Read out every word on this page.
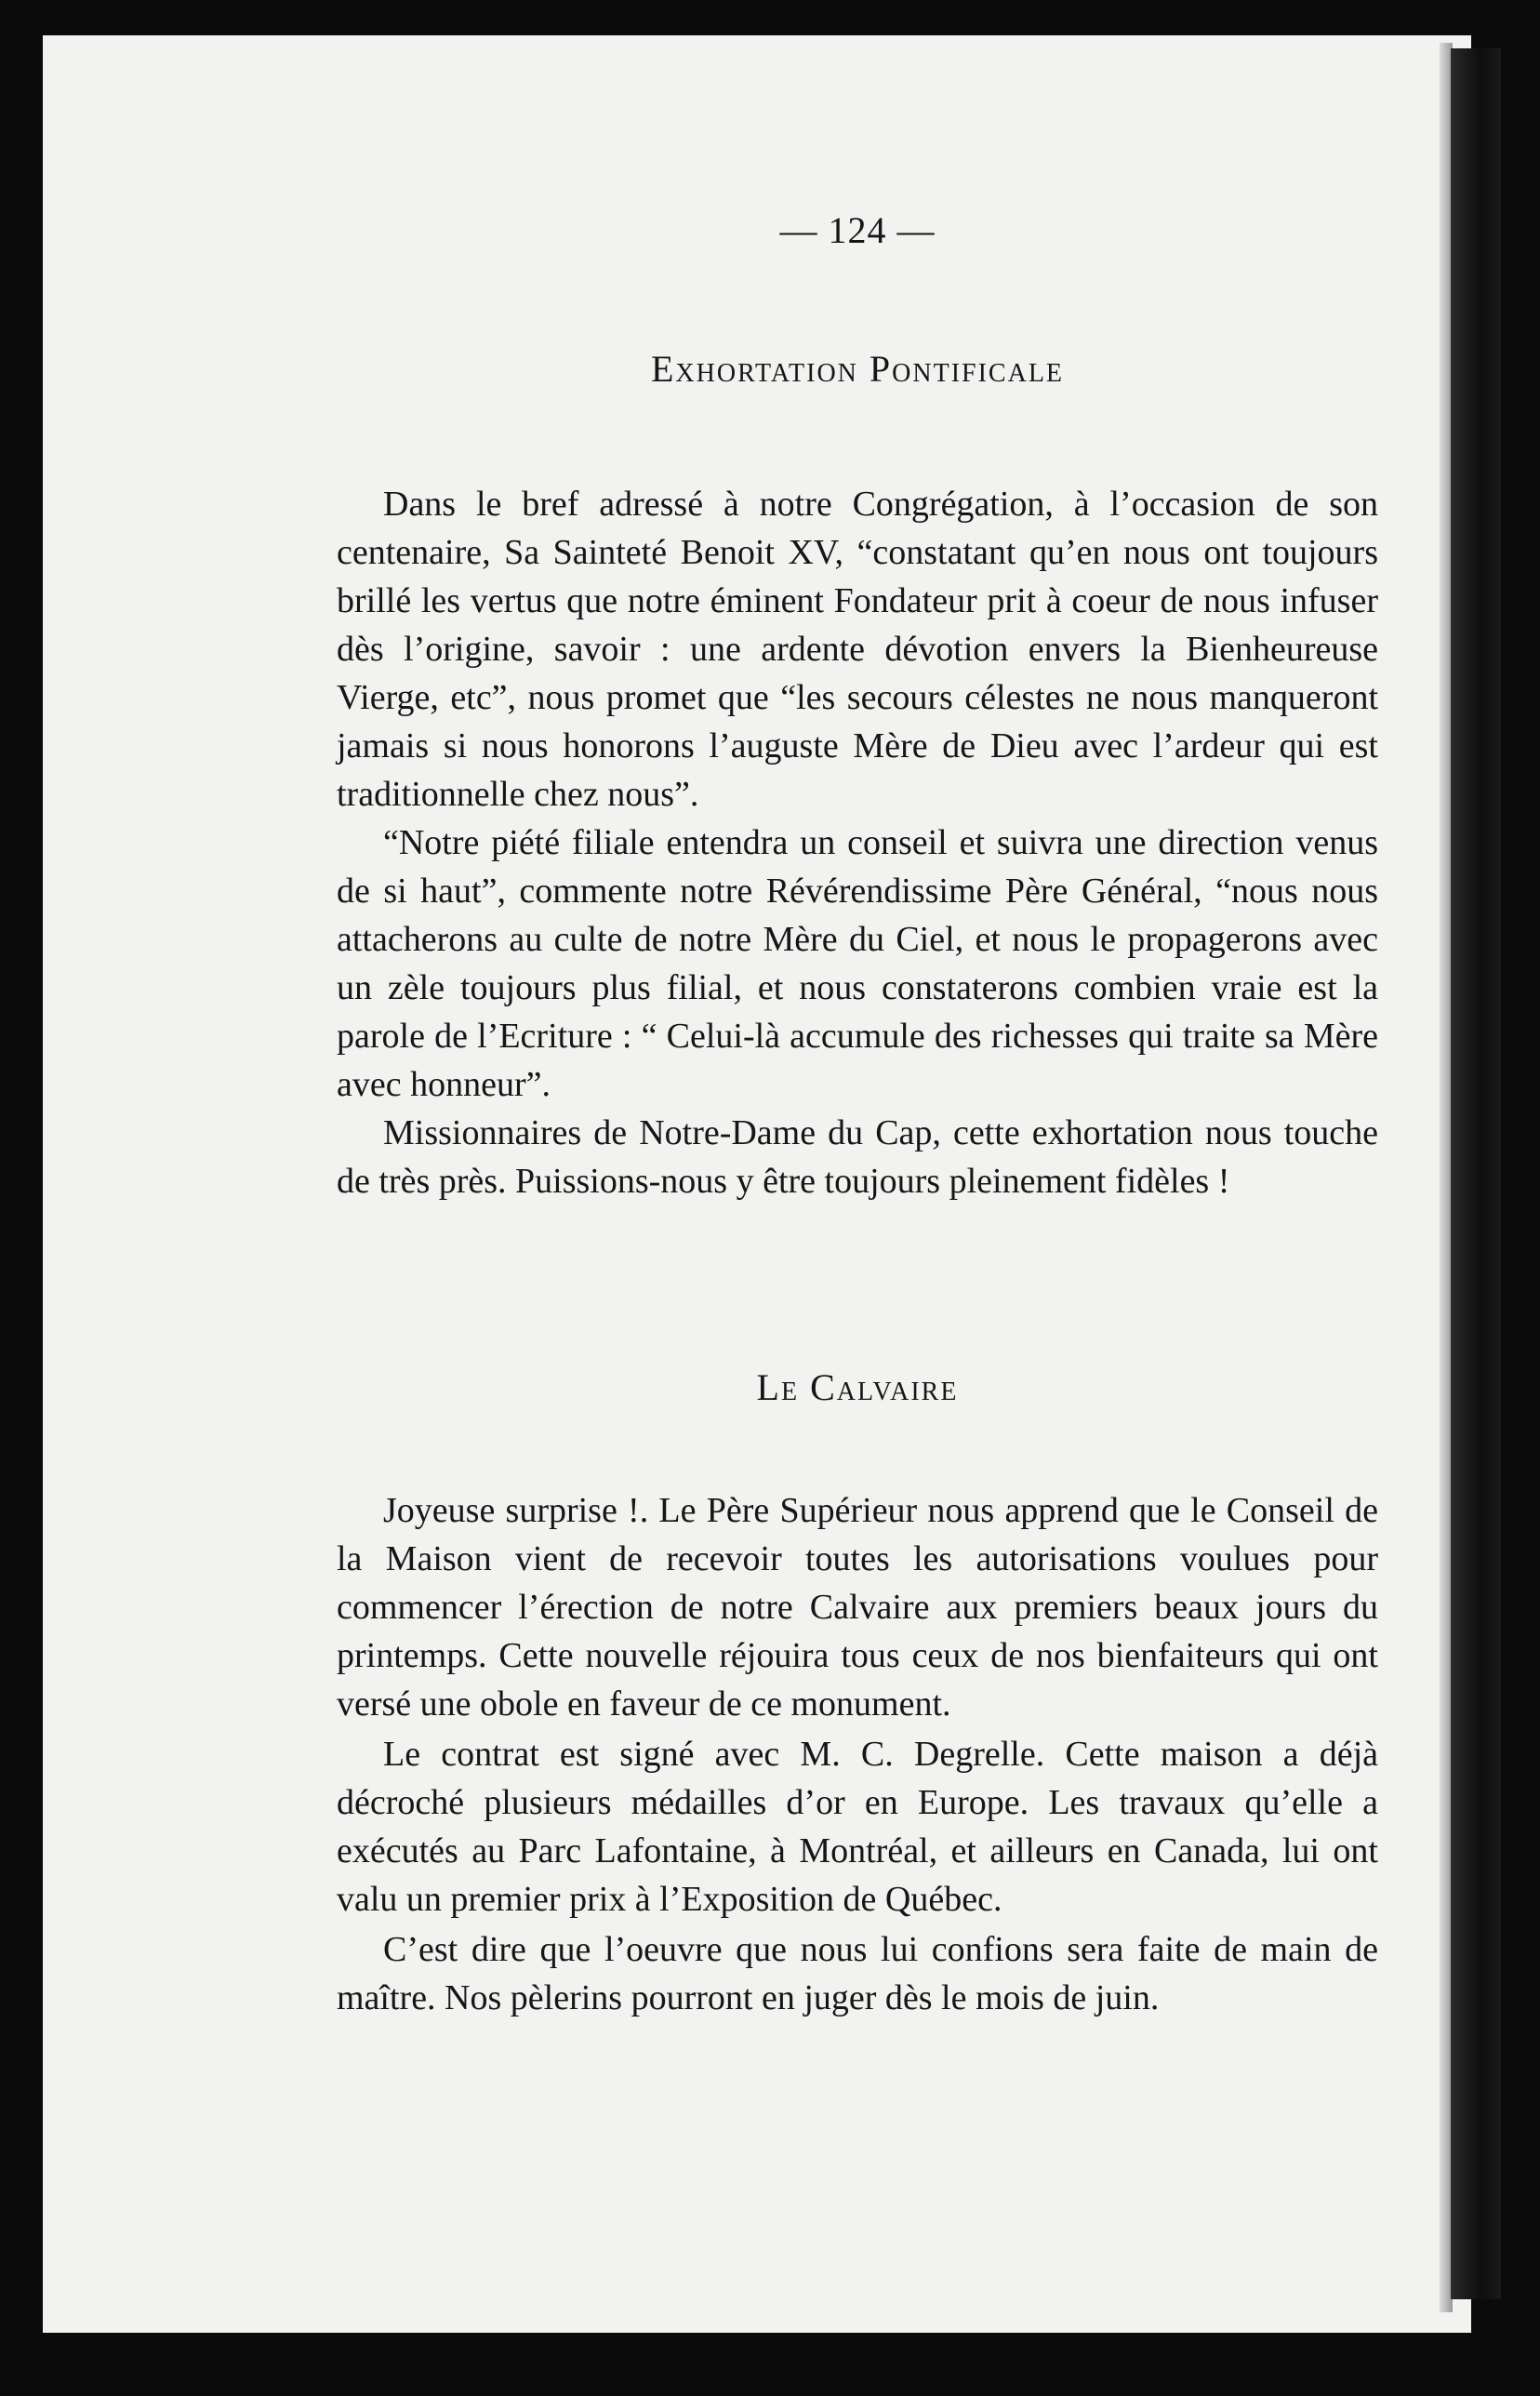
— 124 —
Exhortation Pontificale

Dans le bref adressé à notre Congrégation, à l’occasion de son centenaire, Sa Sainteté Benoit XV, “constatant qu’en nous ont toujours brillé les vertus que notre éminent Fondateur prit à coeur de nous infuser dès l’origine, savoir : une ardente dévotion envers la Bienheureuse Vierge, etc”, nous promet que “les secours célestes ne nous manqueront jamais si nous honorons l’auguste Mère de Dieu avec l’ardeur qui est traditionnelle chez nous”.

“Notre piété filiale entendra un conseil et suivra une direction venus de si haut”, commente notre Révérendissime Père Général, “nous nous attacherons au culte de notre Mère du Ciel, et nous le propagerons avec un zèle toujours plus filial, et nous constaterons combien vraie est la parole de l’Ecriture : “ Celui-là accumule des richesses qui traite sa Mère avec honneur”.

Missionnaires de Notre-Dame du Cap, cette exhortation nous touche de très près. Puissions-nous y être toujours pleinement fidèles !

Le Calvaire

Joyeuse surprise !. Le Père Supérieur nous apprend que le Conseil de la Maison vient de recevoir toutes les autorisations voulues pour commencer l’érection de notre Calvaire aux premiers beaux jours du printemps. Cette nouvelle réjouira tous ceux de nos bienfaiteurs qui ont versé une obole en faveur de ce monument.

Le contrat est signé avec M. C. Degrelle. Cette maison a déjà décroché plusieurs médailles d’or en Europe. Les travaux qu’elle a exécutés au Parc Lafontaine, à Montréal, et ailleurs en Canada, lui ont valu un premier prix à l’Exposition de Québec.

C’est dire que l’oeuvre que nous lui confions sera faite de main de maître. Nos pèlerins pourront en juger dès le mois de juin.
